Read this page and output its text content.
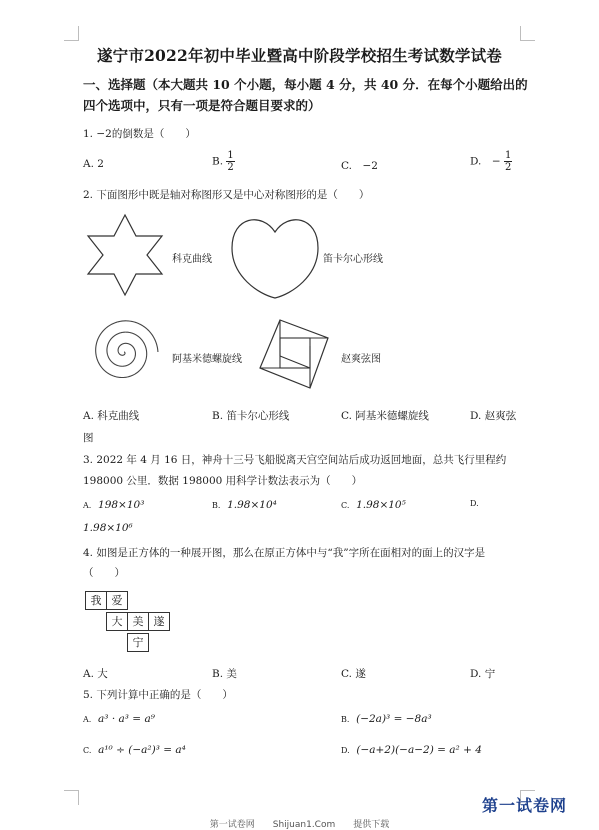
遂宁市2022年初中毕业暨高中阶段学校招生考试数学试卷
一、选择题（本大题共 10 个小题，每小题 4 分，共 40 分．在每个小题给出的
四个选项中，只有一项是符合题目要求的）
1. −2的倒数是（　　）
A. 2	B. $\frac{1}{2}$	C.　−2	D.　− $\frac{1}{2}$
2. 下面图形中既是轴对称图形又是中心对称图形的是（　　）
科克曲线	笛卡尔心形线
阿基米德螺旋线	赵爽弦图
A. 科克曲线	B. 笛卡尔心形线	C. 阿基米德螺旋线	D. 赵爽弦
图
3. 2022 年 4 月 16 日，神舟十三号飞船脱离天宫空间站后成功返回地面，总共飞行里程约
198000 公里．数据 198000 用科学计数法表示为（　　）
A. 198×10³	B. 1.98×10⁴	C. 1.98×10⁵	D.
1.98×10⁶
4. 如图是正方体的一种展开图，那么在原正方体中与“我”字所在面相对的面上的汉字是
（　　）
我 爱
大 美 遂
宁
A. 大	B. 美	C. 遂	D. 宁
5. 下列计算中正确的是（　　）
A. a³ · a³ = a⁹	B. (−2a)³ = −8a³
C. a¹⁰ ÷ (−a²)³ = a⁴	D. (−a+2)(−a−2) = a² + 4
第一试卷网　　Shijuan1.Com　　提供下载
第一试卷网
